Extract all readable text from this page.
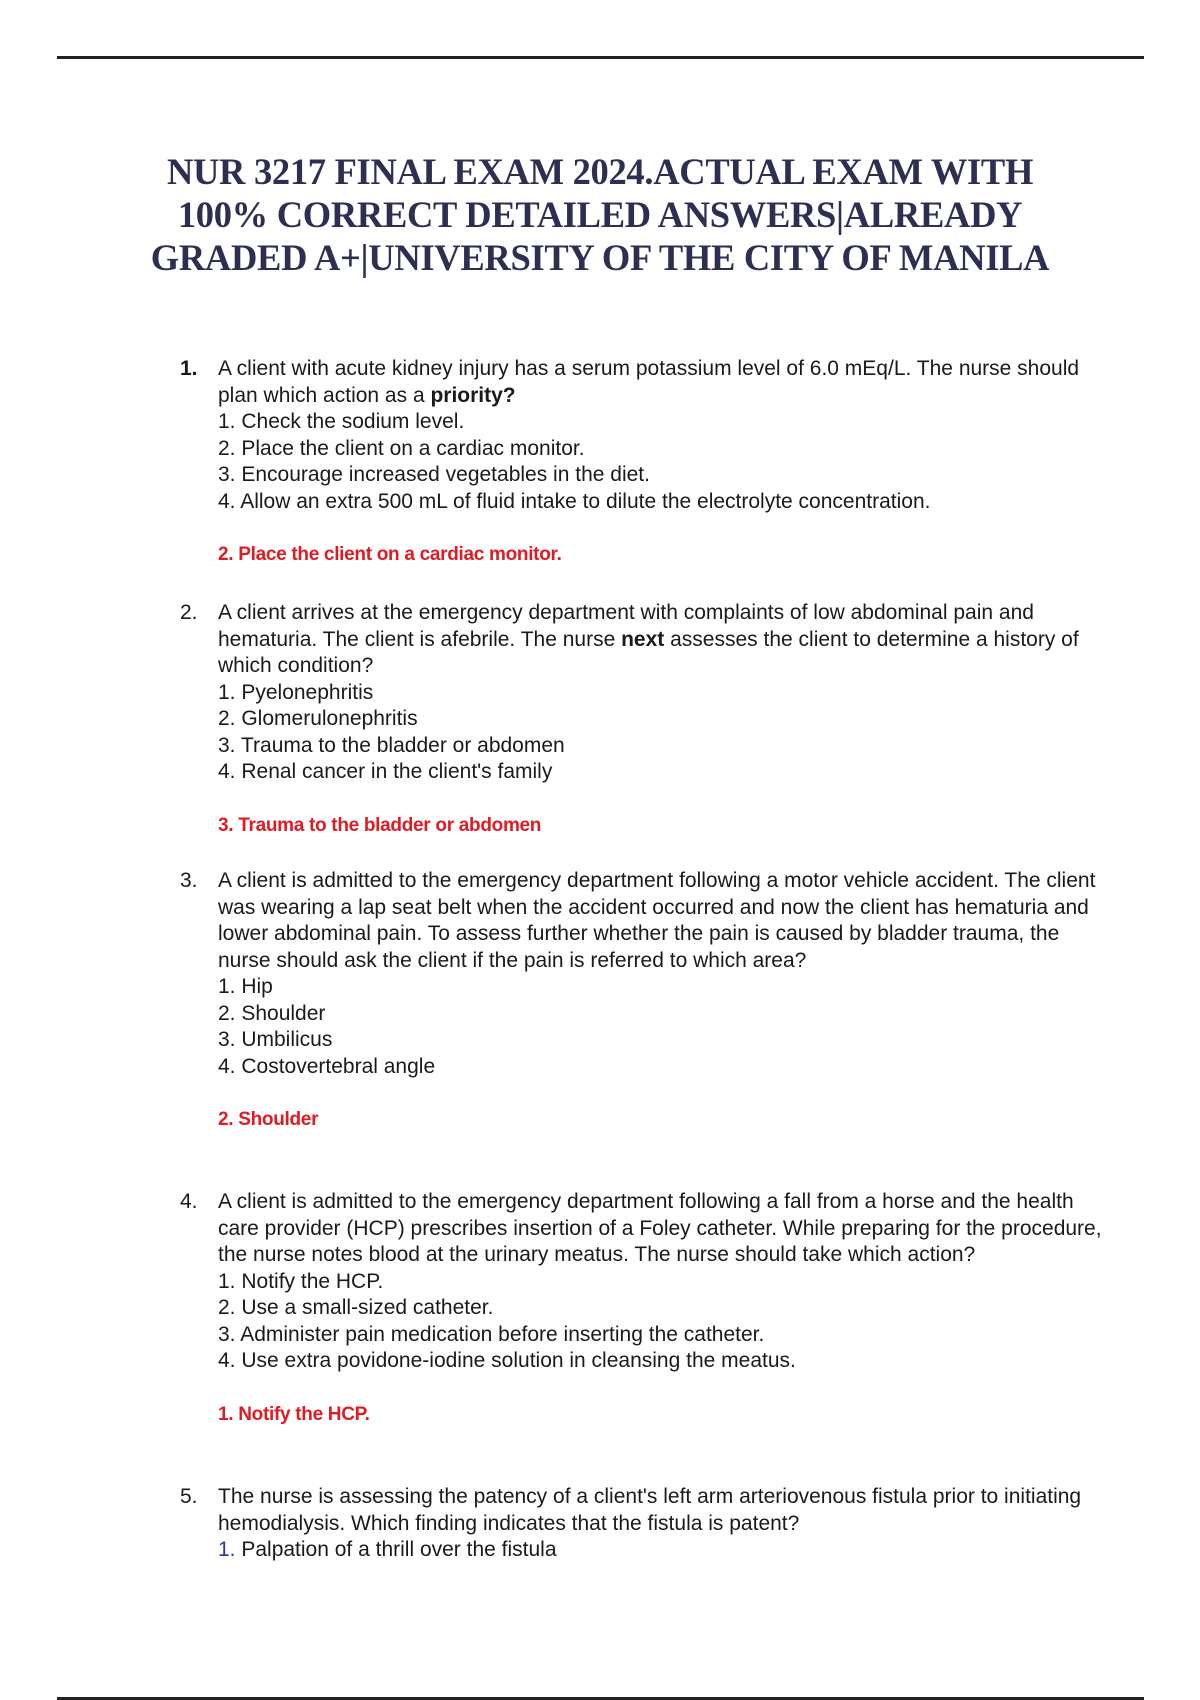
NUR 3217 FINAL EXAM 2024.ACTUAL EXAM WITH
100% CORRECT DETAILED ANSWERS|ALREADY
GRADED A+|UNIVERSITY OF THE CITY OF MANILA
1. A client with acute kidney injury has a serum potassium level of 6.0 mEq/L. The nurse should plan which action as a priority?
1. Check the sodium level.
2. Place the client on a cardiac monitor.
3. Encourage increased vegetables in the diet.
4. Allow an extra 500 mL of fluid intake to dilute the electrolyte concentration.
2. Place the client on a cardiac monitor.
2. A client arrives at the emergency department with complaints of low abdominal pain and hematuria. The client is afebrile. The nurse next assesses the client to determine a history of which condition?
1. Pyelonephritis
2. Glomerulonephritis
3. Trauma to the bladder or abdomen
4. Renal cancer in the client's family
3. Trauma to the bladder or abdomen
3. A client is admitted to the emergency department following a motor vehicle accident. The client was wearing a lap seat belt when the accident occurred and now the client has hematuria and lower abdominal pain. To assess further whether the pain is caused by bladder trauma, the nurse should ask the client if the pain is referred to which area?
1. Hip
2. Shoulder
3. Umbilicus
4. Costovertebral angle
2. Shoulder
4. A client is admitted to the emergency department following a fall from a horse and the health care provider (HCP) prescribes insertion of a Foley catheter. While preparing for the procedure, the nurse notes blood at the urinary meatus. The nurse should take which action?
1. Notify the HCP.
2. Use a small-sized catheter.
3. Administer pain medication before inserting the catheter.
4. Use extra povidone-iodine solution in cleansing the meatus.
1. Notify the HCP.
5. The nurse is assessing the patency of a client's left arm arteriovenous fistula prior to initiating hemodialysis. Which finding indicates that the fistula is patent?
1. Palpation of a thrill over the fistula
